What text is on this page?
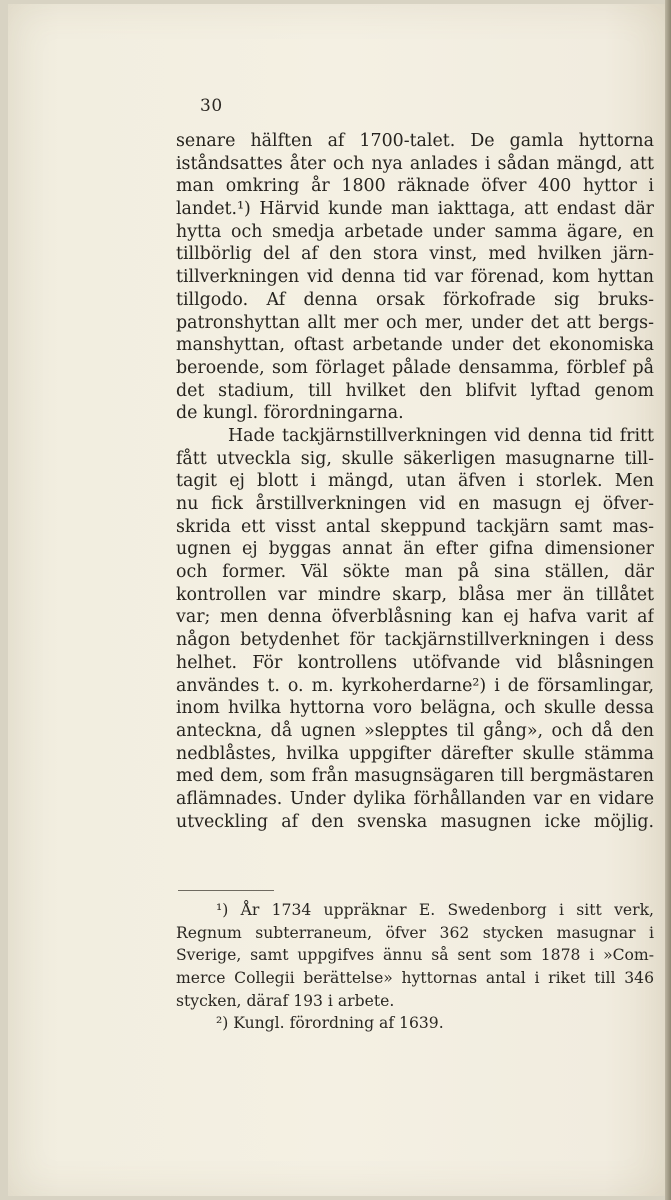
30
senare hälften af 1700-talet. De gamla hyttorna
iståndsattes åter och nya anlades i sådan mängd, att
man omkring år 1800 räknade öfver 400 hyttor i
landet.¹) Härvid kunde man iakttaga, att endast där
hytta och smedja arbetade under samma ägare, en
tillbörlig del af den stora vinst, med hvilken järn-
tillverkningen vid denna tid var förenad, kom hyttan
tillgodo. Af denna orsak förkofrade sig bruks-
patronshyttan allt mer och mer, under det att bergs-
manshyttan, oftast arbetande under det ekonomiska
beroende, som förlaget pålade densamma, förblef på
det stadium, till hvilket den blifvit lyftad genom
de kungl. förordningarna.
Hade tackjärnstillverkningen vid denna tid fritt
fått utveckla sig, skulle säkerligen masugnarne till-
tagit ej blott i mängd, utan äfven i storlek. Men
nu fick årstillverkningen vid en masugn ej öfver-
skrida ett visst antal skeppund tackjärn samt mas-
ugnen ej byggas annat än efter gifna dimensioner
och former. Väl sökte man på sina ställen, där
kontrollen var mindre skarp, blåsa mer än tillåtet
var; men denna öfverblåsning kan ej hafva varit af
någon betydenhet för tackjärnstillverkningen i dess
helhet. För kontrollens utöfvande vid blåsningen
användes t. o. m. kyrkoherdarne²) i de församlingar,
inom hvilka hyttorna voro belägna, och skulle dessa
anteckna, då ugnen »slepptes til gång», och då den
nedblåstes, hvilka uppgifter därefter skulle stämma
med dem, som från masugnsägaren till bergmästaren
aflämnades. Under dylika förhållanden var en vidare
utveckling af den svenska masugnen icke möjlig.
¹) År 1734 uppräknar E. Swedenborg i sitt verk,
Regnum subterraneum, öfver 362 stycken masugnar i
Sverige, samt uppgifves ännu så sent som 1878 i »Com-
merce Collegii berättelse» hyttornas antal i riket till 346
stycken, däraf 193 i arbete.
²) Kungl. förordning af 1639.
